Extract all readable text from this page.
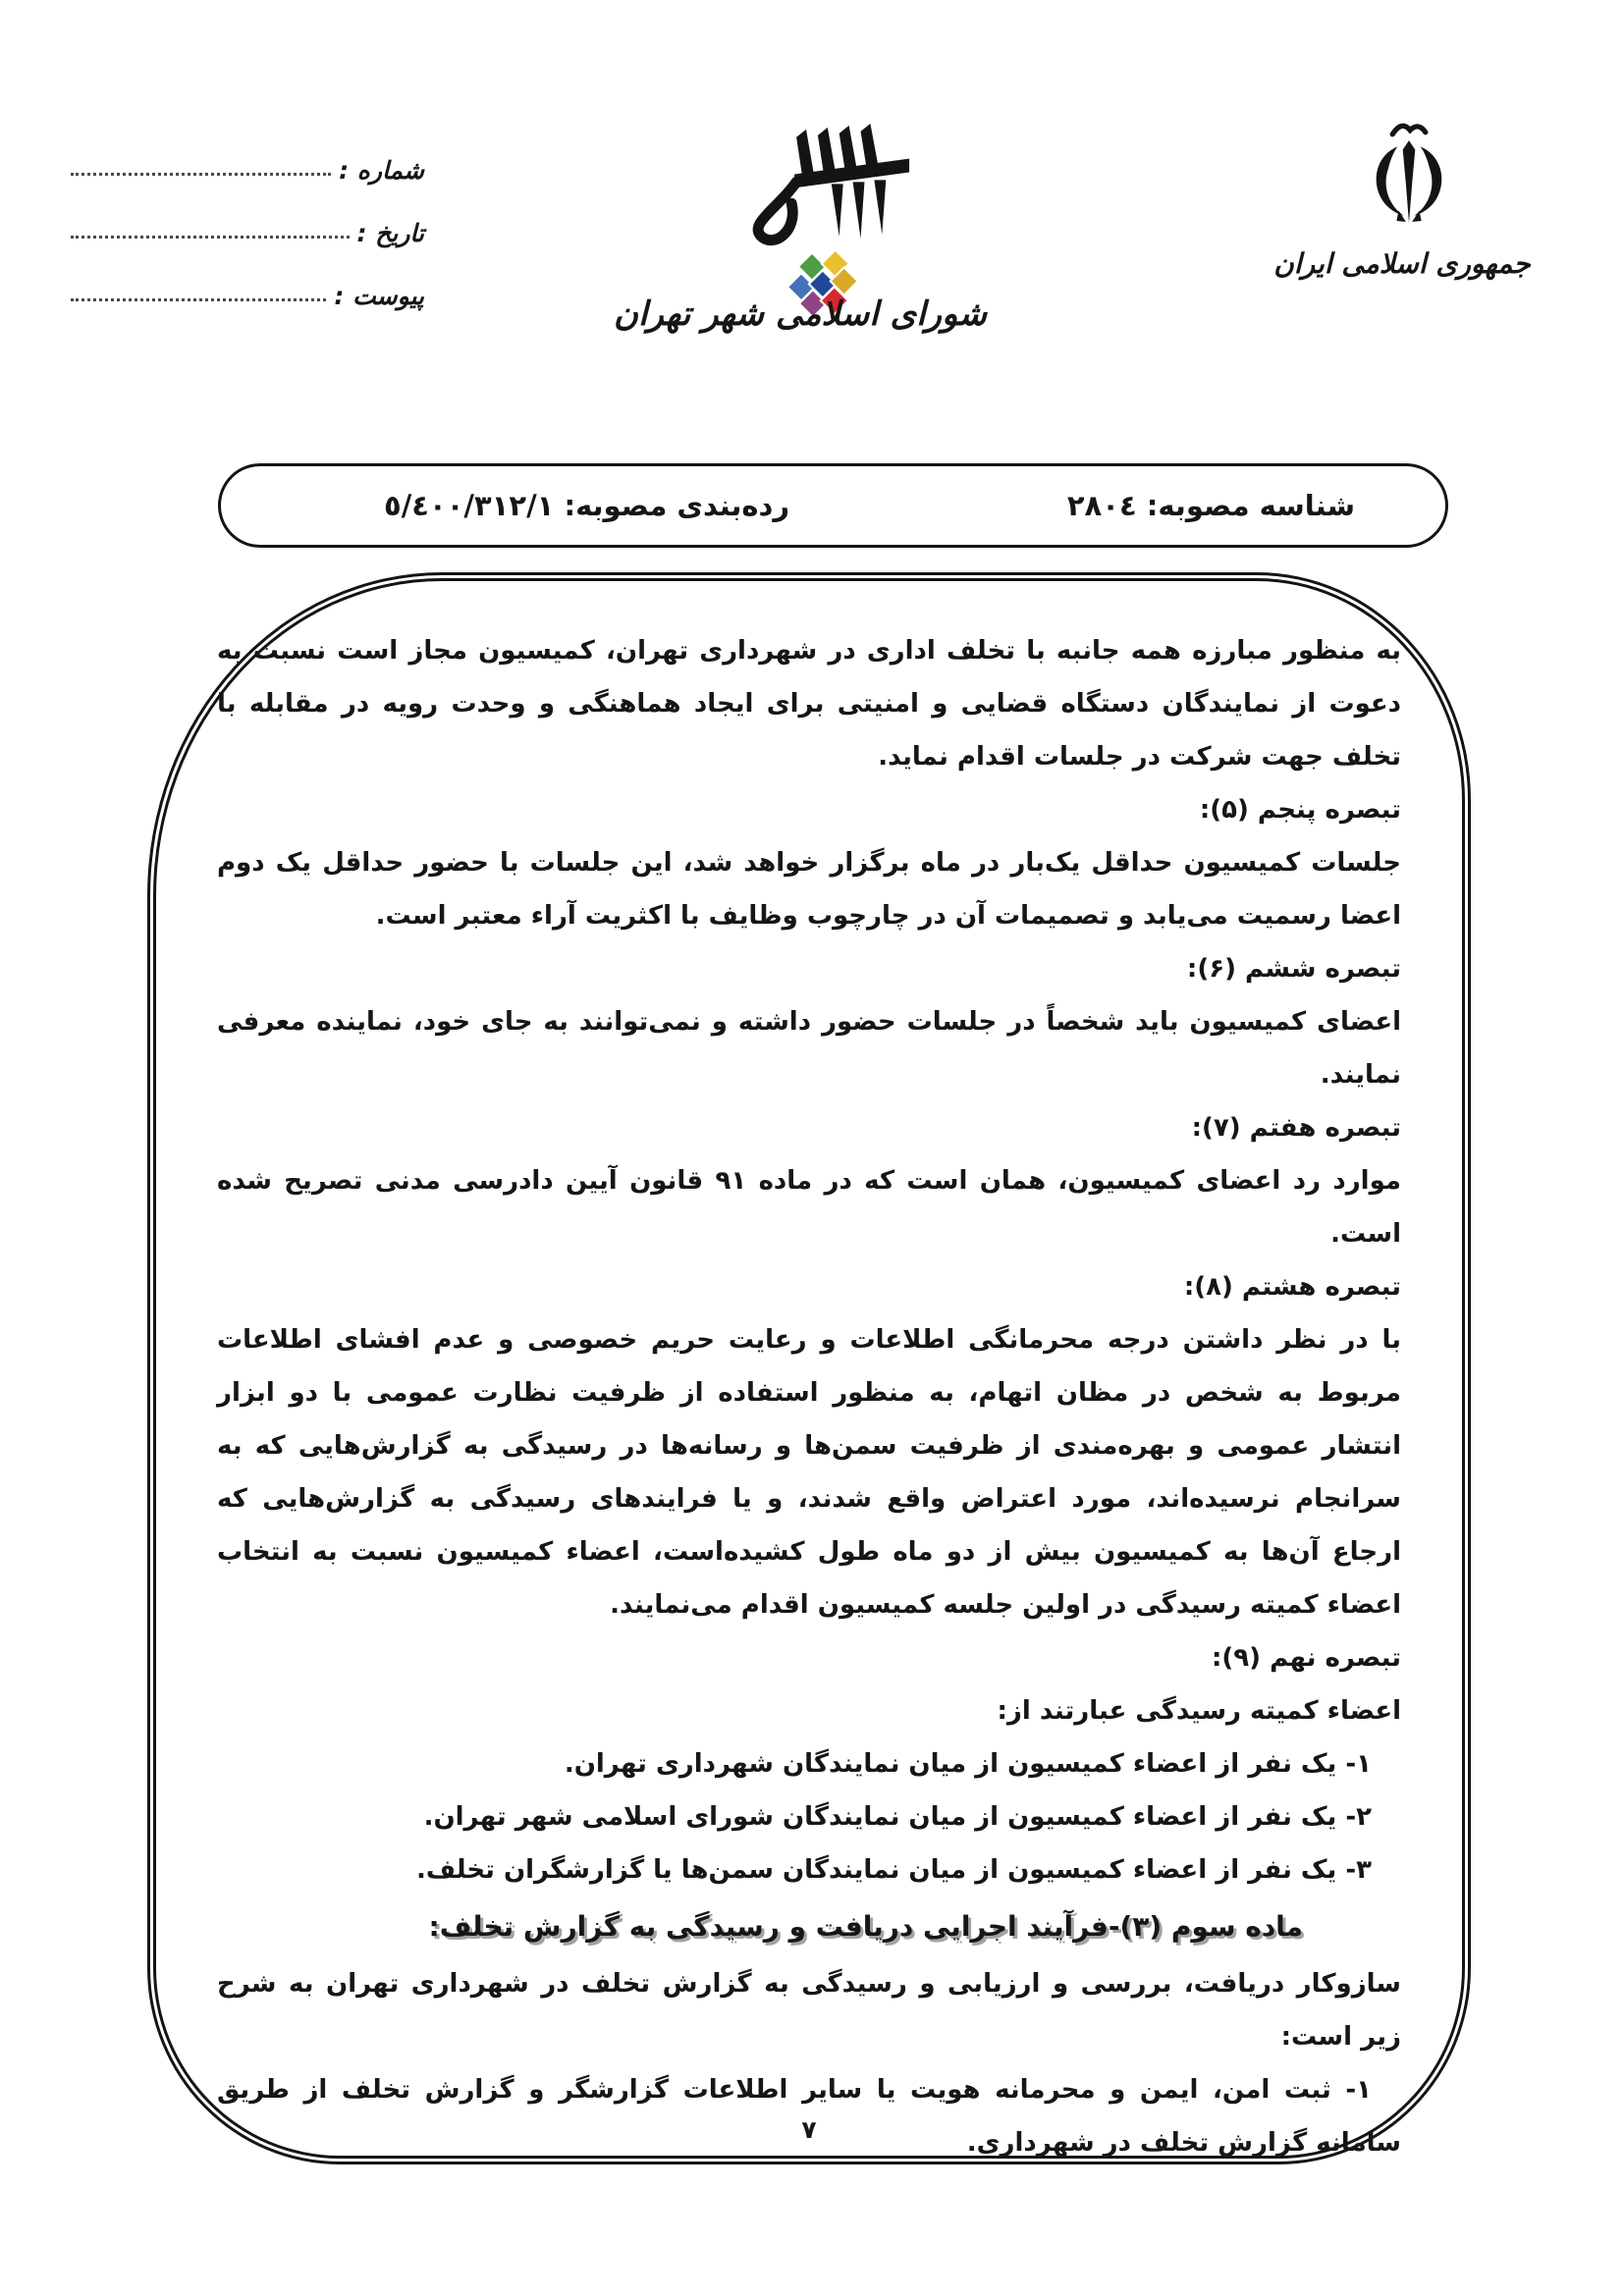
شماره :
تاریخ :
پیوست :	شورای اسلامی شهر تهران
جمهوری اسلامی ایران
شناسه مصوبه: ٢٨٠٤
رده‌بندی مصوبه: ٥/٤٠٠/٣١٢/١

به منظور مبارزه همه جانبه با تخلف اداری در شهرداری تهران، کمیسیون مجاز است نسبت به دعوت از نمایندگان دستگاه قضایی و امنیتی برای ایجاد هماهنگی و وحدت رویه در مقابله با تخلف جهت شرکت در جلسات اقدام نماید.

تبصره پنجم (۵):

جلسات کمیسیون حداقل یک‌بار در ماه برگزار خواهد شد، این جلسات با حضور حداقل یک دوم اعضا رسمیت می‌یابد و تصمیمات آن در چارچوب وظایف با اکثریت آراء معتبر است.

تبصره ششم (۶):

اعضای کمیسیون باید شخصاً در جلسات حضور داشته و نمی‌توانند به جای خود، نماینده معرفی نمایند.

تبصره هفتم (۷):

موارد رد اعضای کمیسیون، همان است که در ماده ۹۱ قانون آیین دادرسی مدنی تصریح شده است.

تبصره هشتم (۸):

با در نظر داشتن درجه محرمانگی اطلاعات و رعایت حریم خصوصی و عدم افشای اطلاعات مربوط به شخص در مظان اتهام، به منظور استفاده از ظرفیت نظارت عمومی با دو ابزار انتشار عمومی و بهره‌مندی از ظرفیت سمن‌ها و رسانه‌ها در رسیدگی به گزارش‌هایی که به سرانجام نرسیده‌اند، مورد اعتراض واقع شدند، و یا فرایندهای رسیدگی به گزارش‌هایی که ارجاع آن‌ها به کمیسیون بیش از دو ماه طول کشیده‌است، اعضاء کمیسیون نسبت به انتخاب اعضاء کمیته رسیدگی در اولین جلسه کمیسیون اقدام می‌نمایند.

تبصره نهم (۹):

اعضاء کمیته رسیدگی عبارتند از:

۱- یک نفر از اعضاء کمیسیون از میان نمایندگان شهرداری تهران.

۲- یک نفر از اعضاء کمیسیون از میان نمایندگان شورای اسلامی شهر تهران.

۳- یک نفر از اعضاء کمیسیون از میان نمایندگان سمن‌ها یا گزارشگران تخلف.

ماده سوم (۳)-فرآیند اجرایی دریافت و رسیدگی به گزارش تخلف:

سازوکار دریافت، بررسی و ارزیابی و رسیدگی به گزارش تخلف در شهرداری تهران به شرح زیر است:

۱- ثبت امن، ایمن و محرمانه هویت یا سایر اطلاعات گزارشگر و گزارش تخلف از طریق سامانه گزارش تخلف در شهرداری.

۷
